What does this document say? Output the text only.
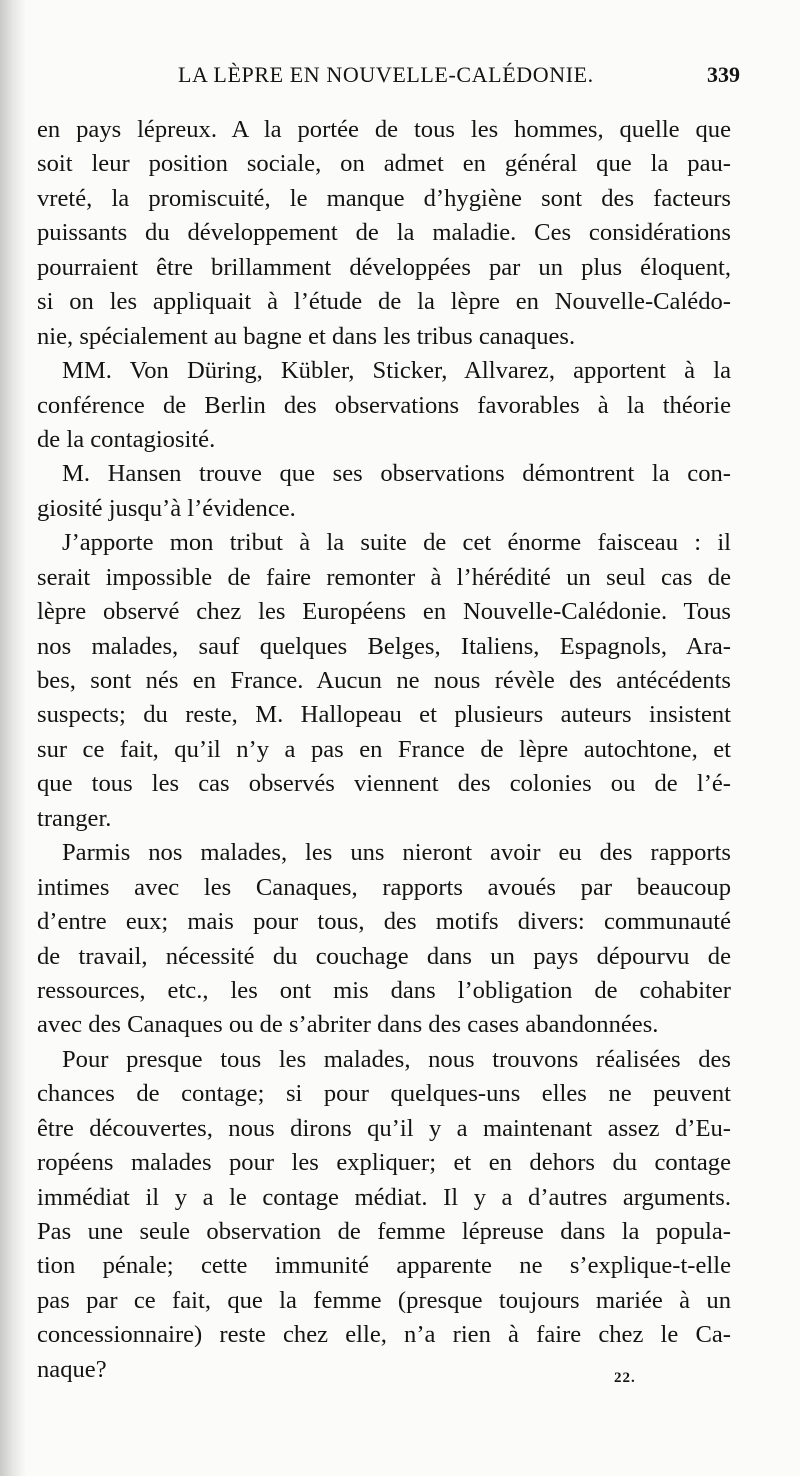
LA LÈPRE EN NOUVELLE-CALÉDONIE.	339
en pays lépreux. A la portée de tous les hommes, quelle que
soit leur position sociale, on admet en général que la pau-
vreté, la promiscuité, le manque d’hygiène sont des facteurs
puissants du développement de la maladie. Ces considérations
pourraient être brillamment développées par un plus éloquent,
si on les appliquait à l’étude de la lèpre en Nouvelle-Calédo-
nie, spécialement au bagne et dans les tribus canaques.
MM. Von Düring, Kübler, Sticker, Allvarez, apportent à la
conférence de Berlin des observations favorables à la théorie
de la contagiosité.
M. Hansen trouve que ses observations démontrent la con-
giosité jusqu’à l’évidence.
J’apporte mon tribut à la suite de cet énorme faisceau : il
serait impossible de faire remonter à l’hérédité un seul cas de
lèpre observé chez les Européens en Nouvelle-Calédonie. Tous
nos malades, sauf quelques Belges, Italiens, Espagnols, Ara-
bes, sont nés en France. Aucun ne nous révèle des antécédents
suspects; du reste, M. Hallopeau et plusieurs auteurs insistent
sur ce fait, qu’il n’y a pas en France de lèpre autochtone, et
que tous les cas observés viennent des colonies ou de l’é-
tranger.
Parmis nos malades, les uns nieront avoir eu des rapports
intimes avec les Canaques, rapports avoués par beaucoup
d’entre eux; mais pour tous, des motifs divers: communauté
de travail, nécessité du couchage dans un pays dépourvu de
ressources, etc., les ont mis dans l’obligation de cohabiter
avec des Canaques ou de s’abriter dans des cases abandonnées.
Pour presque tous les malades, nous trouvons réalisées des
chances de contage; si pour quelques-uns elles ne peuvent
être découvertes, nous dirons qu’il y a maintenant assez d’Eu-
ropéens malades pour les expliquer; et en dehors du contage
immédiat il y a le contage médiat. Il y a d’autres arguments.
Pas une seule observation de femme lépreuse dans la popula-
tion pénale; cette immunité apparente ne s’explique-t-elle
pas par ce fait, que la femme (presque toujours mariée à un
concessionnaire) reste chez elle, n’a rien à faire chez le Ca-
naque?	22.
